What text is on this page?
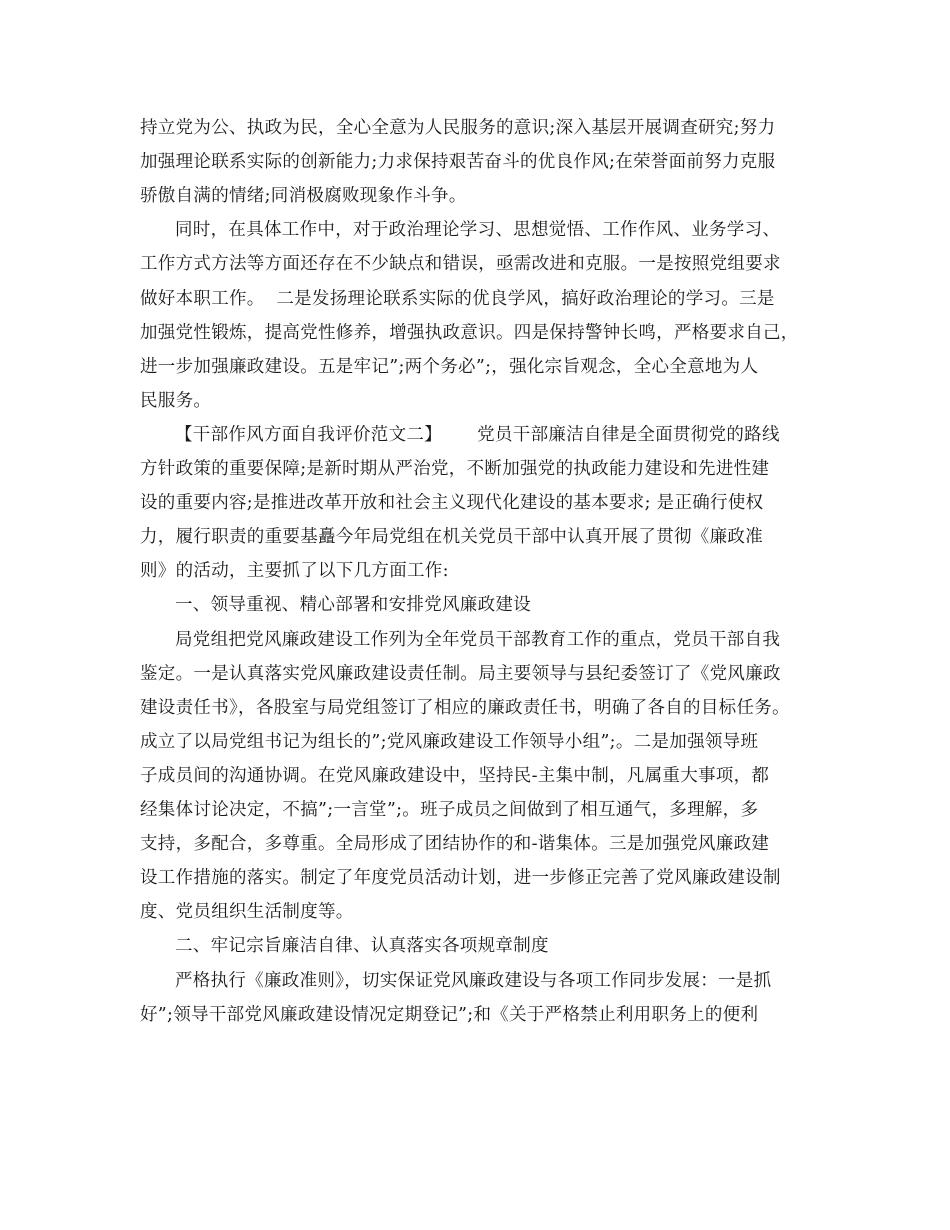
持立党为公、执政为民，全心全意为人民服务的意识;深入基层开展调查研究;努力
加强理论联系实际的创新能力;力求保持艰苦奋斗的优良作风;在荣誉面前努力克服
骄傲自满的情绪;同消极腐败现象作斗争。
同时，在具体工作中，对于政治理论学习、思想觉悟、工作作风、业务学习、
工作方式方法等方面还存在不少缺点和错误，亟需改进和克服。一是按照党组要求
做好本职工作。  二是发扬理论联系实际的优良学风，搞好政治理论的学习。三是
加强党性锻炼，提高党性修养，增强执政意识。四是保持警钟长鸣，严格要求自己，
进一步加强廉政建设。五是牢记”;两个务必”;，强化宗旨观念，全心全意地为人
民服务。
【干部作风方面自我评价范文二】      党员干部廉洁自律是全面贯彻党的路线
方针政策的重要保障;是新时期从严治党，不断加强党的执政能力建设和先进性建
设的重要内容;是推进改革开放和社会主义现代化建设的基本要求; 是正确行使权
力，履行职责的重要基矗今年局党组在机关党员干部中认真开展了贯彻《廉政准
则》的活动，主要抓了以下几方面工作:
一、领导重视、精心部署和安排党风廉政建设
局党组把党风廉政建设工作列为全年党员干部教育工作的重点，党员干部自我
鉴定。一是认真落实党风廉政建设责任制。局主要领导与县纪委签订了《党风廉政
建设责任书》，各股室与局党组签订了相应的廉政责任书，明确了各自的目标任务。
成立了以局党组书记为组长的”;党风廉政建设工作领导小组”;。二是加强领导班
子成员间的沟通协调。在党风廉政建设中，坚持民-主集中制，凡属重大事项，都
经集体讨论决定，不搞”;一言堂”;。班子成员之间做到了相互通气，多理解，多
支持，多配合，多尊重。全局形成了团结协作的和-谐集体。三是加强党风廉政建
设工作措施的落实。制定了年度党员活动计划，进一步修正完善了党风廉政建设制
度、党员组织生活制度等。
二、牢记宗旨廉洁自律、认真落实各项规章制度
严格执行《廉政准则》，切实保证党风廉政建设与各项工作同步发展：一是抓
好”;领导干部党风廉政建设情况定期登记”;和《关于严格禁止利用职务上的便利
